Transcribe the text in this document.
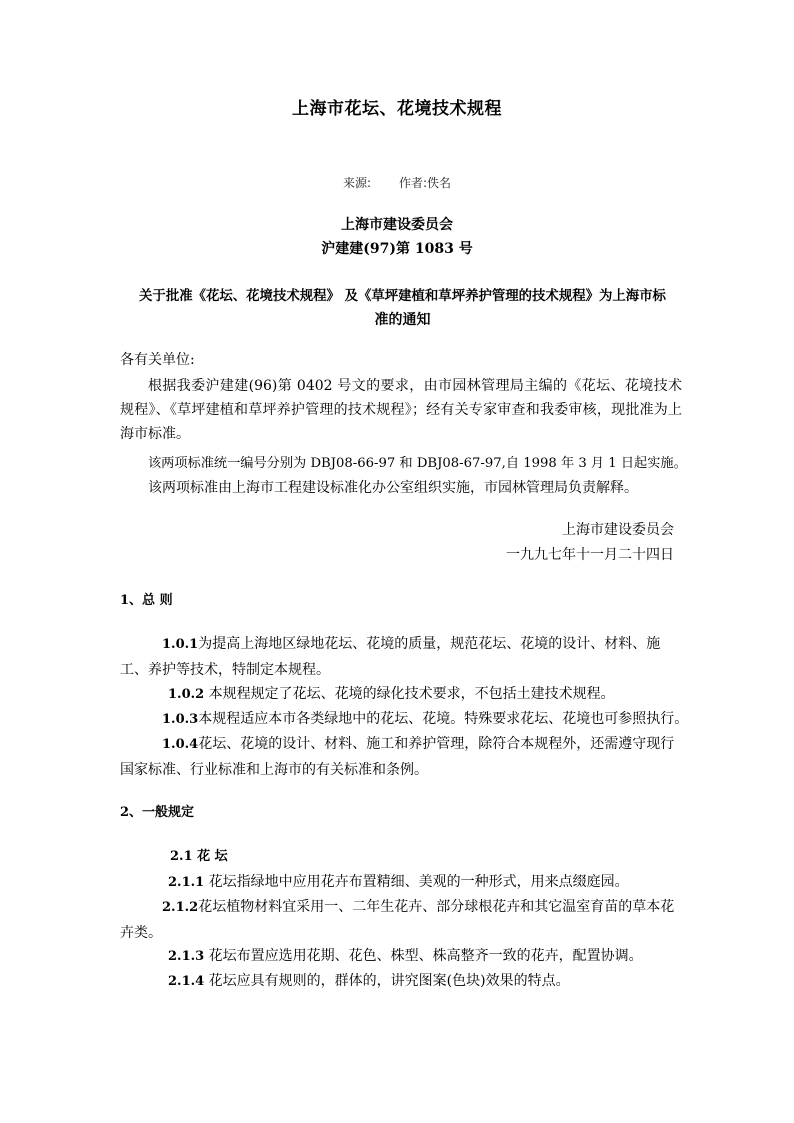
上海市花坛、花境技术规程
来源: 作者:佚名
上海市建设委员会
沪建建(97)第 1083 号
关于批准《花坛、花境技术规程》 及《草坪建植和草坪养护管理的技术规程》为上海市标
准的通知
各有关单位:
根据我委沪建建(96)第 0402 号文的要求，由市园林管理局主编的《花坛、花境技术规程》、《草坪建植和草坪养护管理的技术规程》；经有关专家审查和我委审核，现批准为上海市标准。
该两项标准统一编号分别为 DBJ08-66-97 和 DBJ08-67-97,自 1998 年 3 月 1 日起实施。
该两项标准由上海市工程建设标准化办公室组织实施，市园林管理局负责解释。
上海市建设委员会
一九九七年十一月二十四日
1、总 则
1.0.1为提高上海地区绿地花坛、花境的质量，规范花坛、花境的设计、材料、施工、养护等技术，特制定本规程。
1.0.2 本规程规定了花坛、花境的绿化技术要求，不包括土建技术规程。
1.0.3本规程适应本市各类绿地中的花坛、花境。特殊要求花坛、花境也可参照执行。
1.0.4花坛、花境的设计、材料、施工和养护管理，除符合本规程外，还需遵守现行国家标准、行业标准和上海市的有关标准和条例。
2、一般规定
2.1 花 坛
2.1.1 花坛指绿地中应用花卉布置精细、美观的一种形式，用来点缀庭园。
2.1.2花坛植物材料宜采用一、二年生花卉、部分球根花卉和其它温室育苗的草本花卉类。
2.1.3 花坛布置应选用花期、花色、株型、株高整齐一致的花卉，配置协调。
2.1.4 花坛应具有规则的，群体的，讲究图案(色块)效果的特点。
